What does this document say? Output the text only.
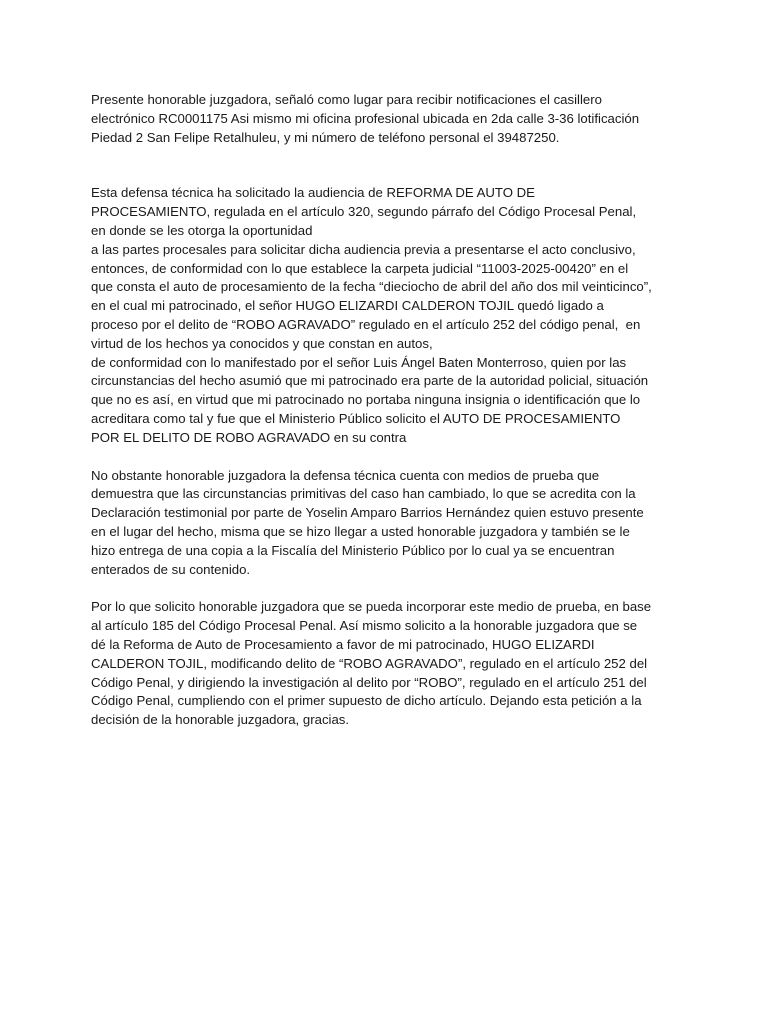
Presente honorable juzgadora, señaló como lugar para recibir notificaciones el casillero
electrónico RC0001175 Asi mismo mi oficina profesional ubicada en 2da calle 3-36 lotificación
Piedad 2 San Felipe Retalhuleu, y mi número de teléfono personal el 39487250.

Esta defensa técnica ha solicitado la audiencia de REFORMA DE AUTO DE
PROCESAMIENTO, regulada en el artículo 320, segundo párrafo del Código Procesal Penal,
en donde se les otorga la oportunidad
a las partes procesales para solicitar dicha audiencia previa a presentarse el acto conclusivo,
entonces, de conformidad con lo que establece la carpeta judicial “11003-2025-00420” en el
que consta el auto de procesamiento de la fecha “dieciocho de abril del año dos mil veinticinco”,
en el cual mi patrocinado, el señor HUGO ELIZARDI CALDERON TOJIL quedó ligado a
proceso por el delito de “ROBO AGRAVADO” regulado en el artículo 252 del código penal,  en
virtud de los hechos ya conocidos y que constan en autos,
de conformidad con lo manifestado por el señor Luis Ángel Baten Monterroso, quien por las
circunstancias del hecho asumió que mi patrocinado era parte de la autoridad policial, situación
que no es así, en virtud que mi patrocinado no portaba ninguna insignia o identificación que lo
acreditara como tal y fue que el Ministerio Público solicito el AUTO DE PROCESAMIENTO
POR EL DELITO DE ROBO AGRAVADO en su contra

No obstante honorable juzgadora la defensa técnica cuenta con medios de prueba que
demuestra que las circunstancias primitivas del caso han cambiado, lo que se acredita con la
Declaración testimonial por parte de Yoselin Amparo Barrios Hernández quien estuvo presente
en el lugar del hecho, misma que se hizo llegar a usted honorable juzgadora y también se le
hizo entrega de una copia a la Fiscalía del Ministerio Público por lo cual ya se encuentran
enterados de su contenido.

Por lo que solicito honorable juzgadora que se pueda incorporar este medio de prueba, en base
al artículo 185 del Código Procesal Penal. Así mismo solicito a la honorable juzgadora que se
dé la Reforma de Auto de Procesamiento a favor de mi patrocinado, HUGO ELIZARDI
CALDERON TOJIL, modificando delito de “ROBO AGRAVADO”, regulado en el artículo 252 del
Código Penal, y dirigiendo la investigación al delito por “ROBO”, regulado en el artículo 251 del
Código Penal, cumpliendo con el primer supuesto de dicho artículo. Dejando esta petición a la
decisión de la honorable juzgadora, gracias.
